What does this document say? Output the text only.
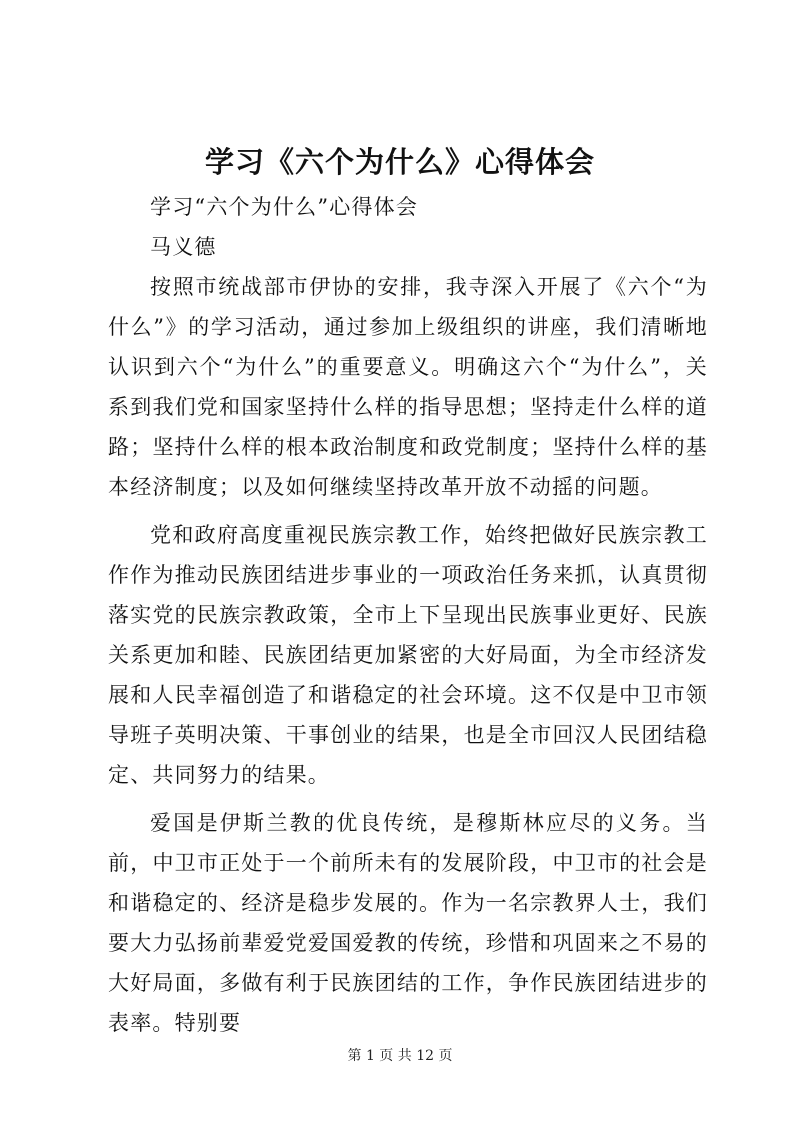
学习《六个为什么》心得体会

学习“六个为什么”心得体会

马义德

按照市统战部市伊协的安排，我寺深入开展了《六个“为什么”》的学习活动，通过参加上级组织的讲座，我们清晰地认识到六个“为什么”的重要意义。明确这六个“为什么”，关系到我们党和国家坚持什么样的指导思想；坚持走什么样的道路；坚持什么样的根本政治制度和政党制度；坚持什么样的基本经济制度；以及如何继续坚持改革开放不动摇的问题。

党和政府高度重视民族宗教工作，始终把做好民族宗教工作作为推动民族团结进步事业的一项政治任务来抓，认真贯彻落实党的民族宗教政策，全市上下呈现出民族事业更好、民族关系更加和睦、民族团结更加紧密的大好局面，为全市经济发展和人民幸福创造了和谐稳定的社会环境。这不仅是中卫市领导班子英明决策、干事创业的结果，也是全市回汉人民团结稳定、共同努力的结果。

爱国是伊斯兰教的优良传统，是穆斯林应尽的义务。当前，中卫市正处于一个前所未有的发展阶段，中卫市的社会是和谐稳定的、经济是稳步发展的。作为一名宗教界人士，我们要大力弘扬前辈爱党爱国爱教的传统，珍惜和巩固来之不易的大好局面，多做有利于民族团结的工作，争作民族团结进步的表率。特别要

第 1 页 共 12 页
